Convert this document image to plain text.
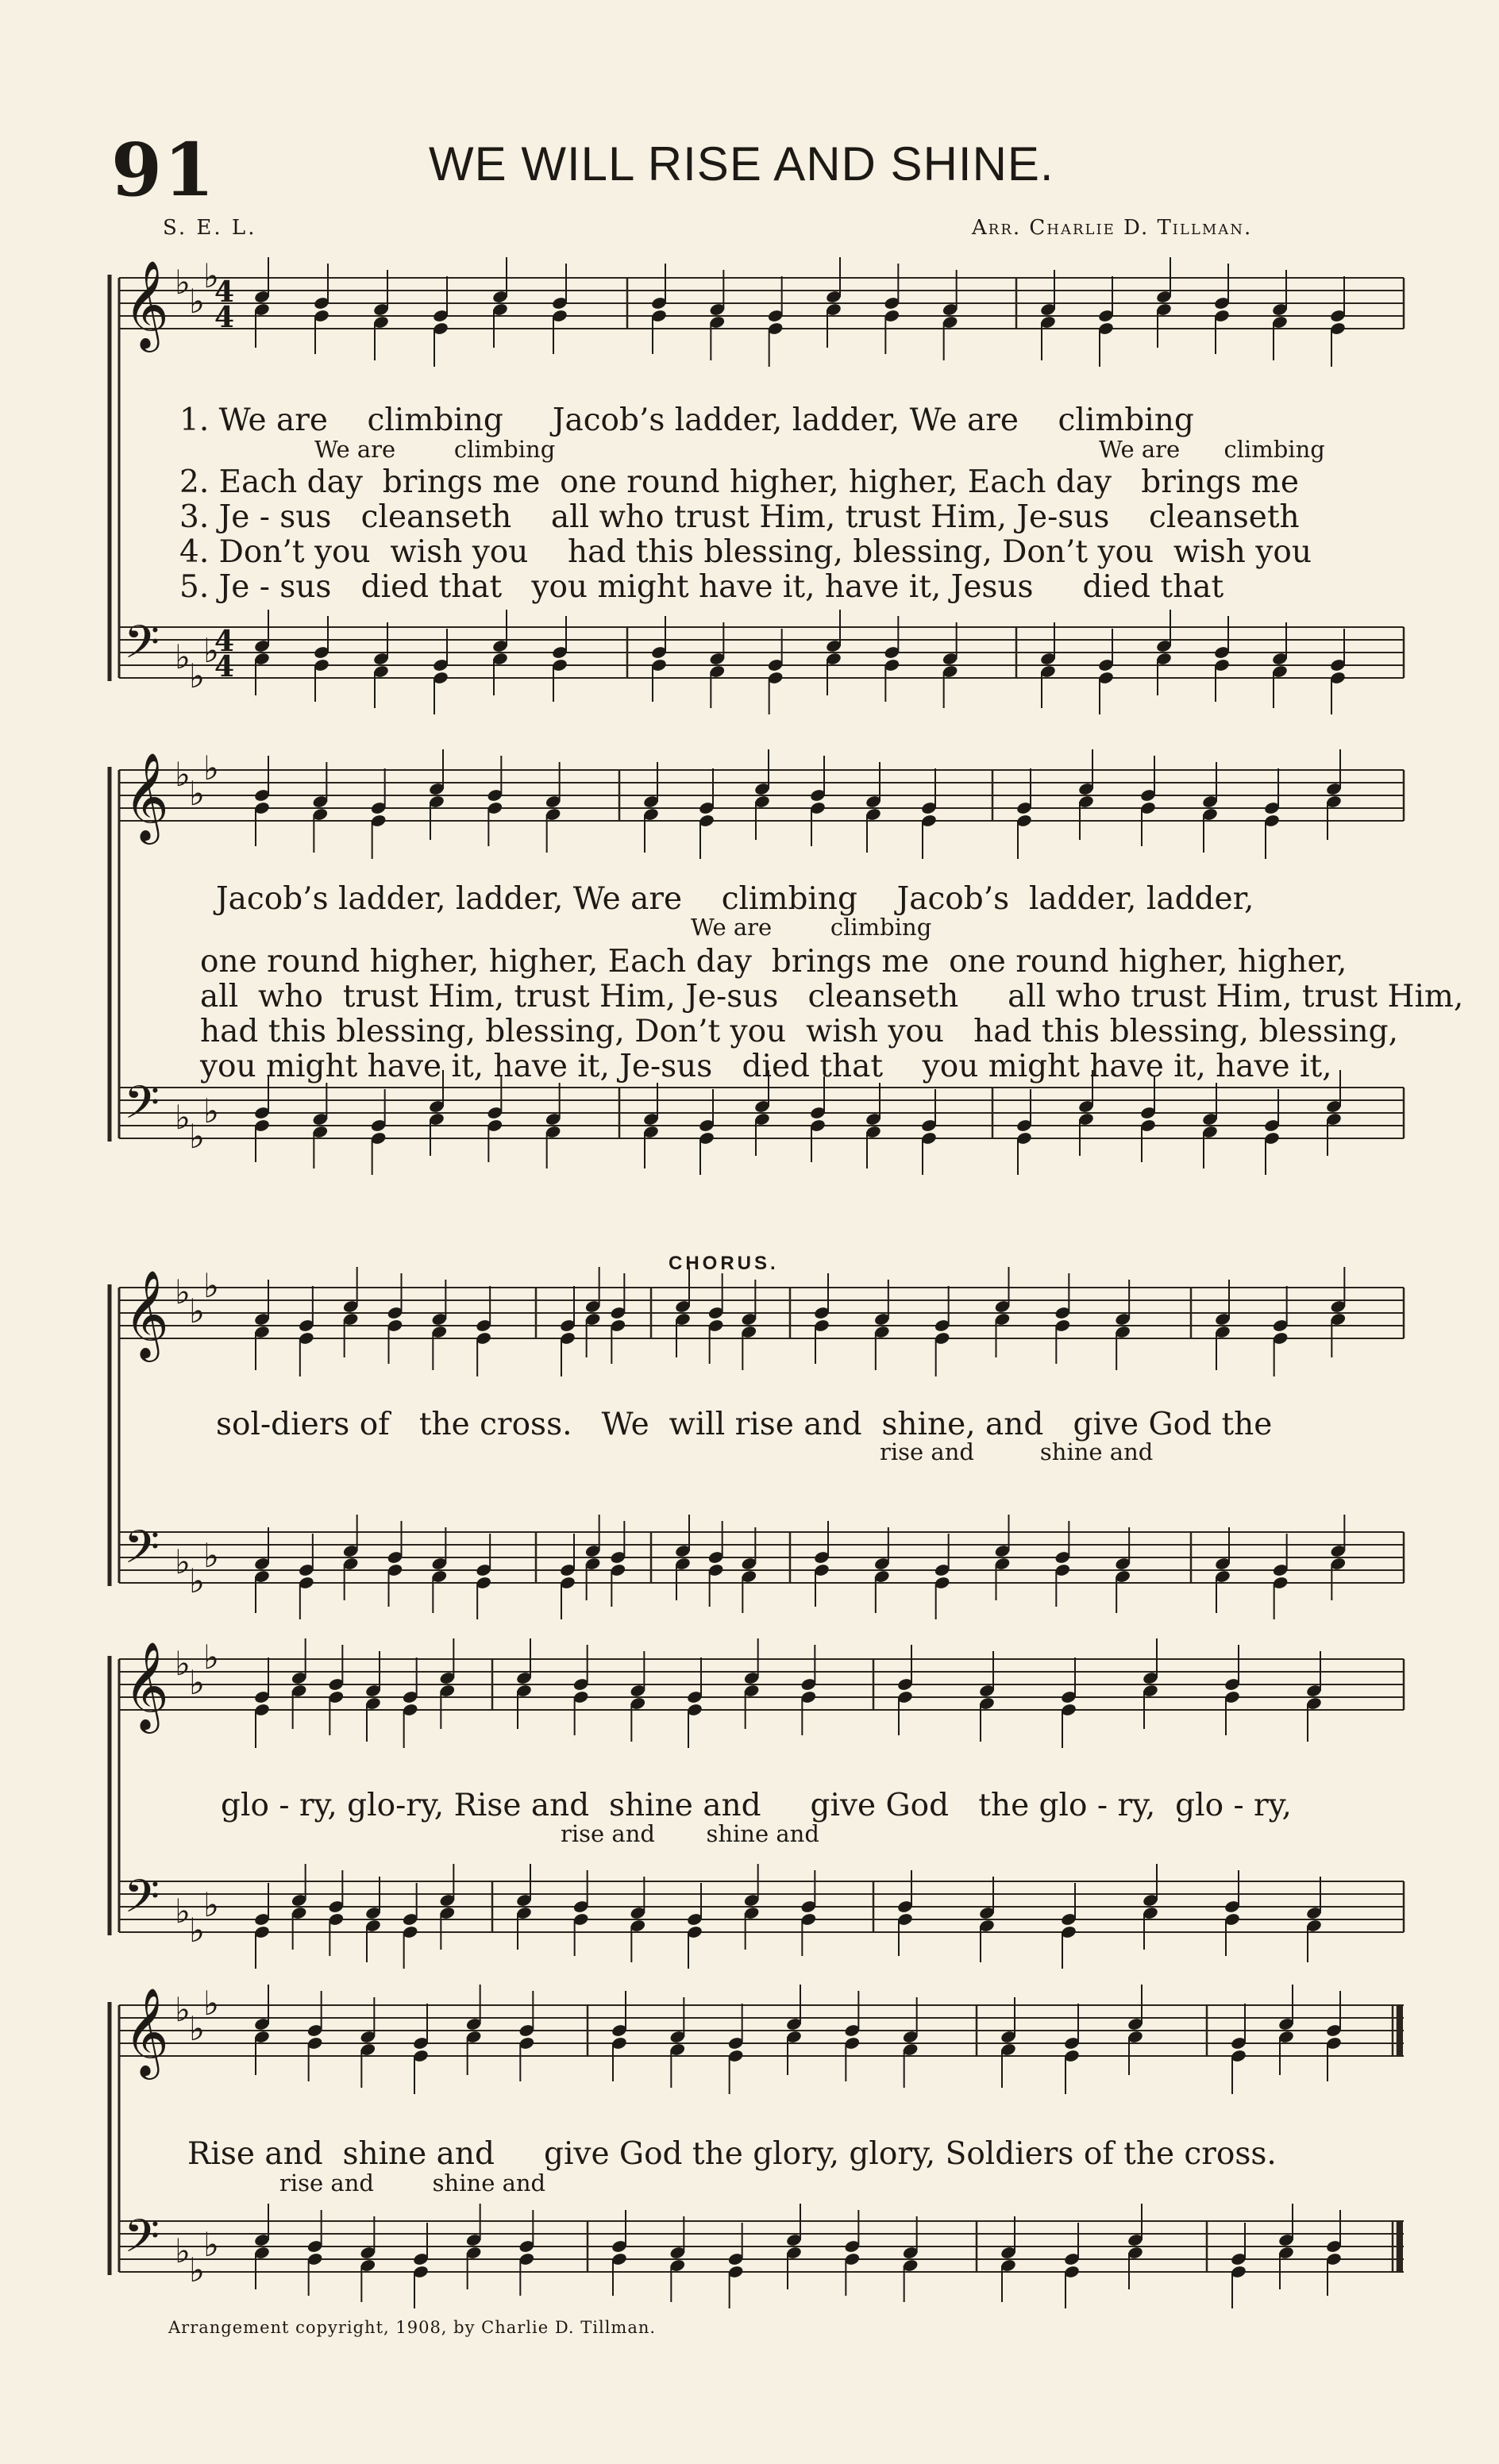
91	WE WILL RISE AND SHINE.
S. E. L.	Arr. Charlie D. Tillman.
𝄞 ♭
♭
♭
4
4
𝄢 ♭
♭
♭
4
4
1. We are    climbing     Jacob’s ladder, ladder, We are    climbing
We are        climbing	We are      climbing
2. Each day  brings me  one round higher, higher, Each day   brings me
3. Je - sus   cleanseth    all who trust Him, trust Him, Je-sus    cleanseth
4. Don’t you  wish you    had this blessing, blessing, Don’t you  wish you
5. Je - sus   died that   you might have it, have it, Jesus     died that
𝄞 ♭
♭
♭
𝄢 ♭
♭
♭
Jacob’s ladder, ladder, We are    climbing    Jacob’s  ladder, ladder,
We are        climbing
one round higher, higher, Each day  brings me  one round higher, higher,
all  who  trust Him, trust Him, Je-sus   cleanseth     all who trust Him, trust Him,
had this blessing, blessing, Don’t you  wish you   had this blessing, blessing,
you might have it, have it, Je-sus   died that    you might have it, have it,
CHORUS.
𝄞 ♭
♭
♭
𝄢 ♭
♭
♭
sol-diers of   the cross.   We  will rise and  shine, and   give God the
rise and         shine and
𝄞 ♭
♭
♭
𝄢 ♭
♭
♭
glo - ry, glo-ry, Rise and  shine and     give God   the glo - ry,  glo - ry,
rise and       shine and
𝄞 ♭
♭
♭
𝄢 ♭
♭
♭
Rise and  shine and     give God the glory, glory, Soldiers of the cross.
rise and        shine and
Arrangement copyright, 1908, by Charlie D. Tillman.
